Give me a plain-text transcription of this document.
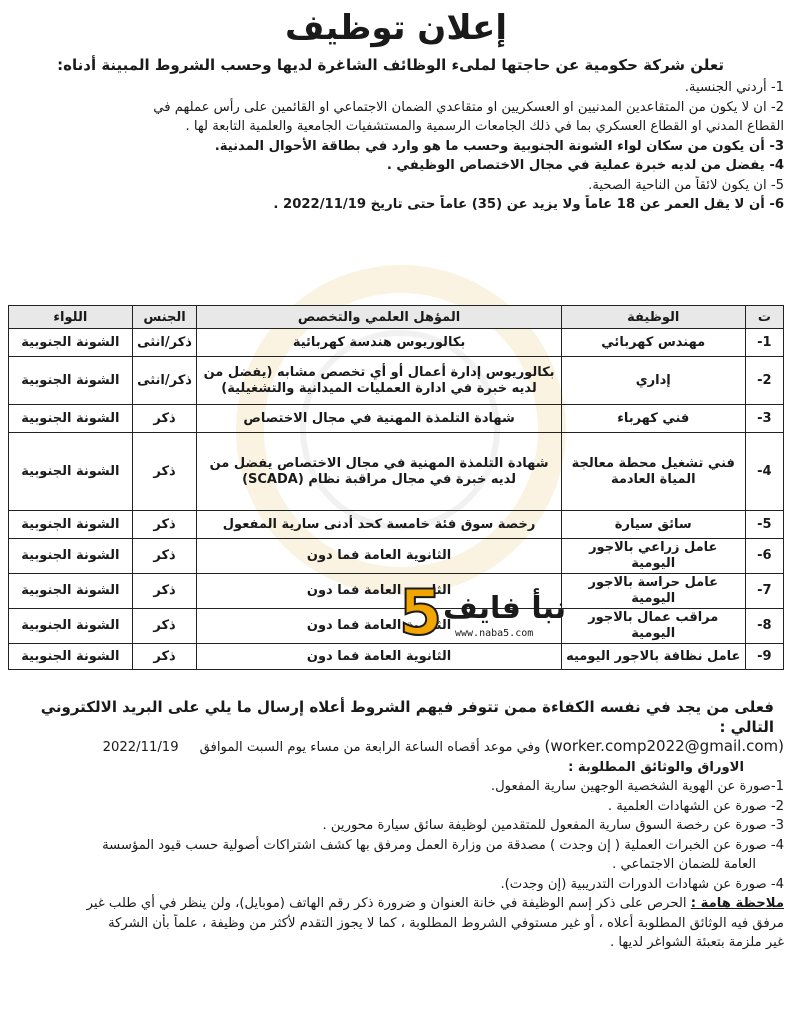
إعلان توظيف
تعلن شركة حكومية عن حاجتها لملىء الوظائف الشاغرة لديها وحسب الشروط المبينة أدناه:
1- أردني الجنسية.
2- ان لا يكون من المتقاعدين المدنيين او العسكريين او متقاعدي الضمان الاجتماعي او القائمين على رأس عملهم في
القطاع المدني او القطاع العسكري بما في ذلك الجامعات الرسمية والمستشفيات الجامعية والعلمية التابعة لها .
3- أن يكون من سكان لواء الشونة الجنوبية وحسب ما هو وارد في بطاقة الأحوال المدنية.
4- يفضل من لديه خبرة عملية في مجال الاختصاص الوظيفي .
5- ان يكون لائقاً من الناحية الصحية.
6- أن لا يقل العمر عن 18 عاماً ولا يزيد عن (35) عاماً حتى تاريخ 2022/11/19 .
ت	الوظيفة	المؤهل العلمي والتخصص	الجنس	اللواء
1-	مهندس كهربائي	بكالوريوس هندسة كهربائية	ذكر/انثى	الشونة الجنوبية
2-	إداري	بكالوريوس إدارة أعمال أو أي تخصص مشابه (يفضل من لديه خبرة في ادارة العمليات الميدانية والتشغيلية)	ذكر/انثى	الشونة الجنوبية
3-	فني كهرباء	شهادة التلمذة المهنية في مجال الاختصاص	ذكر	الشونة الجنوبية
4-	فني تشغيل محطة معالجة المياة العادمة	شهادة التلمذة المهنية في مجال الاختصاص يفضل من لديه خبرة في مجال مراقبة نظام (SCADA)	ذكر	الشونة الجنوبية
5-	سائق سيارة	رخصة سوق فئة خامسة كحد أدنى سارية المفعول	ذكر	الشونة الجنوبية
6-	عامل زراعي بالاجور اليومية	الثانوية العامة فما دون	ذكر	الشونة الجنوبية
7-	عامل حراسة بالاجور اليومية	الثانوية العامة فما دون	ذكر	الشونة الجنوبية
8-	مراقب عمال بالاجور اليومية	الثانوية العامة فما دون	ذكر	الشونة الجنوبية
9-	عامل نظافة بالاجور اليوميه	الثانوية العامة فما دون	ذكر	الشونة الجنوبية
5 نبأ فايف
www.naba5.com
فعلى من يجد في نفسه الكفاءة ممن تتوفر فيهم الشروط أعلاه إرسال ما يلي على البريد الالكتروني التالي :
2022/11/19 وفي موعد أقصاه الساعة الرابعة من مساء يوم السبت الموافق (worker.comp2022@gmail.com)
الاوراق والوثائق المطلوبة :
1-صورة عن الهوية الشخصية الوجهين سارية المفعول.
2- صورة عن الشهادات العلمية .
3- صورة عن رخصة السوق سارية المفعول للمتقدمين لوظيفة سائق سيارة محورين .
4- صورة عن الخبرات العملية ( إن وجدت ) مصدقة من وزارة العمل ومرفق بها كشف اشتراكات أصولية حسب قيود المؤسسة
العامة للضمان الاجتماعي .
4- صورة عن شهادات الدورات التدريبية (إن وجدت).
ملاحظة هامة : الحرص على ذكر إسم الوظيفة في خانة العنوان و ضرورة ذكر رقم الهاتف (موبايل)، ولن ينظر في أي طلب غير
مرفق فيه الوثائق المطلوبة أعلاه ، أو غير مستوفي الشروط المطلوبة ، كما لا يجوز التقدم لأكثر من وظيفة ، علماً بأن الشركة
غير ملزمة بتعبئة الشواغر لديها .
